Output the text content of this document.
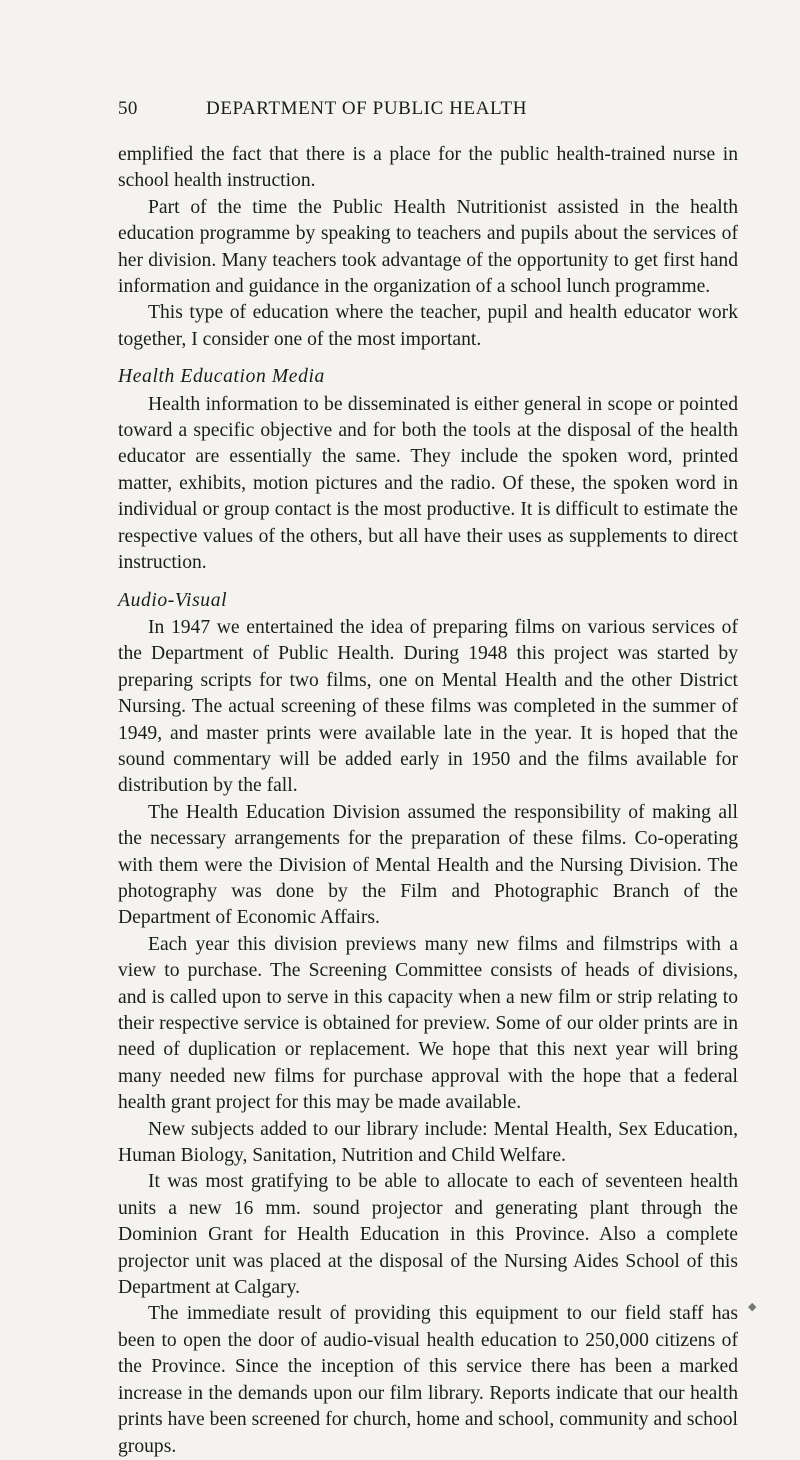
50	DEPARTMENT OF PUBLIC HEALTH

emplified the fact that there is a place for the public health-trained nurse in school health instruction.

Part of the time the Public Health Nutritionist assisted in the health education programme by speaking to teachers and pupils about the services of her division. Many teachers took advantage of the opportunity to get first hand information and guidance in the organization of a school lunch programme.

This type of education where the teacher, pupil and health educator work together, I consider one of the most important.

Health Education Media

Health information to be disseminated is either general in scope or pointed toward a specific objective and for both the tools at the disposal of the health educator are essentially the same. They include the spoken word, printed matter, exhibits, motion pictures and the radio. Of these, the spoken word in individual or group contact is the most productive. It is difficult to estimate the respective values of the others, but all have their uses as supplements to direct instruction.

Audio-Visual

In 1947 we entertained the idea of preparing films on various services of the Department of Public Health. During 1948 this project was started by preparing scripts for two films, one on Mental Health and the other District Nursing. The actual screening of these films was completed in the summer of 1949, and master prints were available late in the year. It is hoped that the sound commentary will be added early in 1950 and the films available for distribution by the fall.

The Health Education Division assumed the responsibility of making all the necessary arrangements for the preparation of these films. Co-operating with them were the Division of Mental Health and the Nursing Division. The photography was done by the Film and Photographic Branch of the Department of Economic Affairs.

Each year this division previews many new films and filmstrips with a view to purchase. The Screening Committee consists of heads of divisions, and is called upon to serve in this capacity when a new film or strip relating to their respective service is obtained for preview. Some of our older prints are in need of duplication or replacement. We hope that this next year will bring many needed new films for purchase approval with the hope that a federal health grant project for this may be made available.

New subjects added to our library include: Mental Health, Sex Education, Human Biology, Sanitation, Nutrition and Child Welfare.

It was most gratifying to be able to allocate to each of seventeen health units a new 16 mm. sound projector and generating plant through the Dominion Grant for Health Education in this Province. Also a complete projector unit was placed at the disposal of the Nursing Aides School of this Department at Calgary.

The immediate result of providing this equipment to our field staff has been to open the door of audio-visual health education to 250,000 citizens of the Province. Since the inception of this service there has been a marked increase in the demands upon our film library. Reports indicate that our health prints have been screened for church, home and school, community and school groups.

◆
